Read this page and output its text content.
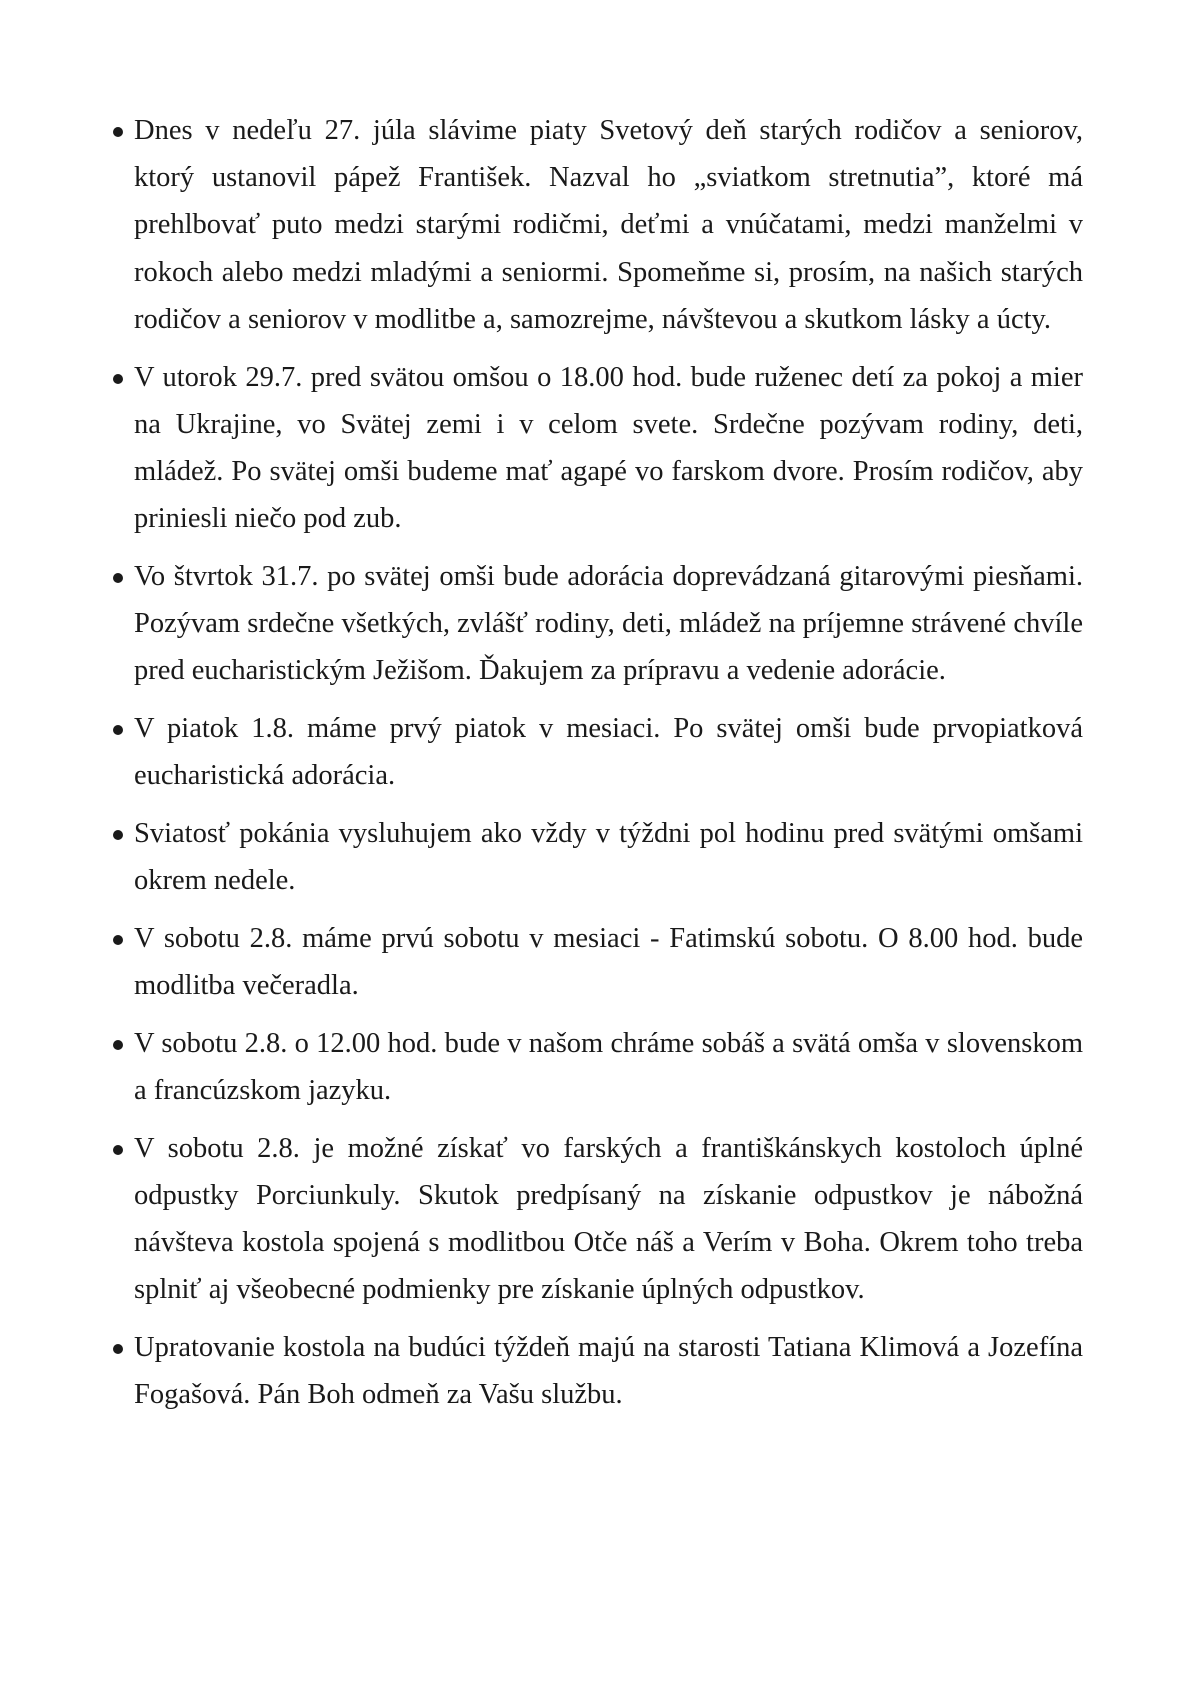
Dnes v nedeľu 27. júla slávime piaty Svetový deň starých rodičov a seniorov, ktorý ustanovil pápež František. Nazval ho „sviatkom stretnutia”, ktoré má prehlbovať puto medzi starými rodičmi, deťmi a vnúčatami, medzi manželmi v rokoch alebo medzi mladými a seniormi. Spomeňme si, prosím, na našich starých rodičov a seniorov v modlitbe a, samozrejme, návštevou a skutkom lásky a úcty.
V utorok 29.7. pred svätou omšou o 18.00 hod. bude ruženec detí za pokoj a mier na Ukrajine, vo Svätej zemi i v celom svete. Srdečne pozývam rodiny, deti, mládež. Po svätej omši budeme mať agapé vo farskom dvore. Prosím rodičov, aby priniesli niečo pod zub.
Vo štvrtok 31.7. po svätej omši bude adorácia doprevádzaná gitarovými piesňami. Pozývam srdečne všetkých, zvlášť rodiny, deti, mládež na príjemne strávené chvíle pred eucharistickým Ježišom. Ďakujem za prípravu a vedenie adorácie.
V piatok 1.8. máme prvý piatok v mesiaci. Po svätej omši bude prvopiatková eucharistická adorácia.
Sviatosť pokánia vysluhujem ako vždy v týždni pol hodinu pred svätými omšami okrem nedele.
V sobotu 2.8. máme prvú sobotu v mesiaci - Fatimskú sobotu. O 8.00 hod. bude modlitba večeradla.
V sobotu 2.8. o 12.00 hod. bude v našom chráme sobáš a svätá omša v slovenskom a francúzskom jazyku.
V sobotu 2.8. je možné získať vo farských a františkánskych kostoloch úplné odpustky Porciunkuly. Skutok predpísaný na získanie odpustkov je nábožná návšteva kostola spojená s modlitbou Otče náš a Verím v Boha. Okrem toho treba splniť aj všeobecné podmienky pre získanie úplných odpustkov.
Upratovanie kostola na budúci týždeň majú na starosti Tatiana Klimová a Jozefína Fogašová. Pán Boh odmeň za Vašu službu.
